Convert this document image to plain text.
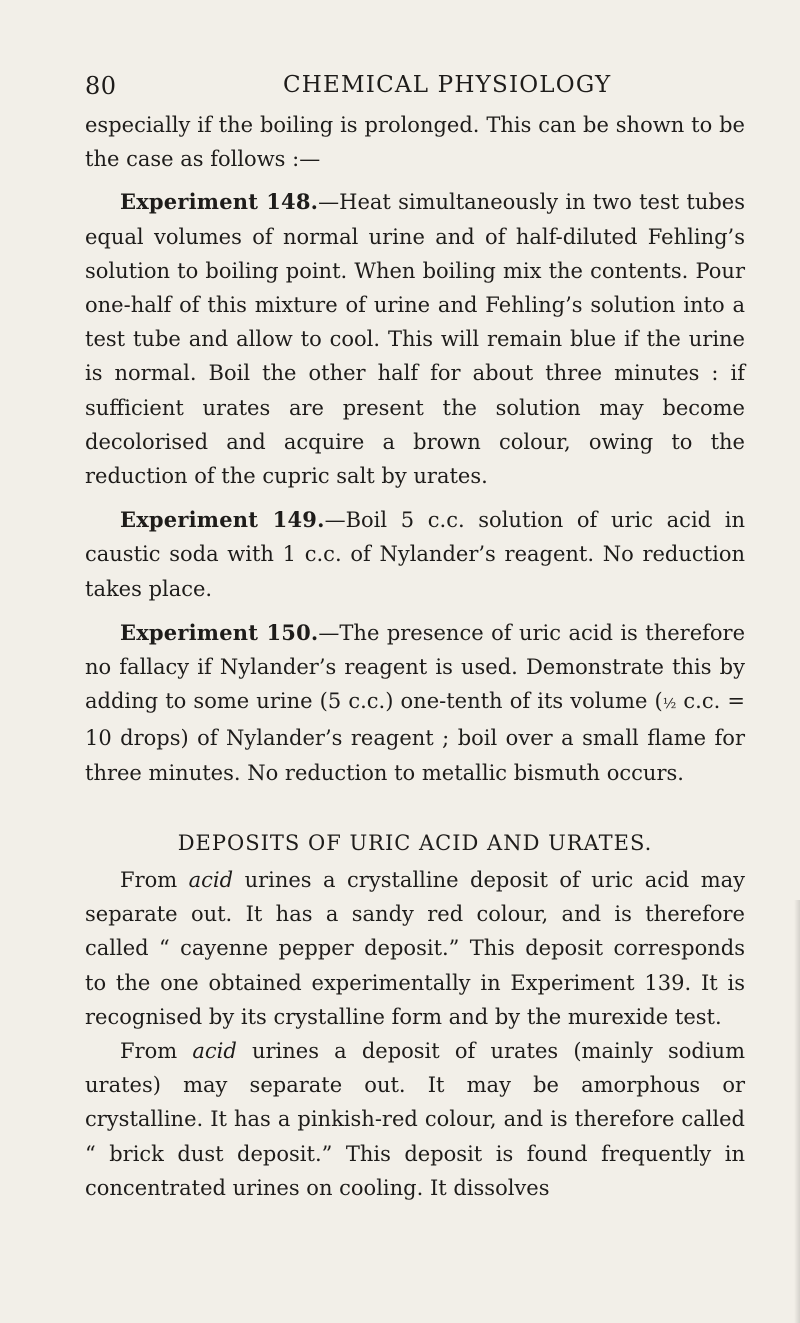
80	CHEMICAL PHYSIOLOGY

especially if the boiling is prolonged. This can be shown to be the case as follows :—

Experiment 148.—Heat simultaneously in two test tubes equal volumes of normal urine and of half-diluted Fehling’s solution to boiling point. When boiling mix the contents. Pour one-half of this mixture of urine and Fehling’s solution into a test tube and allow to cool. This will remain blue if the urine is normal. Boil the other half for about three minutes : if sufficient urates are present the solution may become decolorised and acquire a brown colour, owing to the reduction of the cupric salt by urates.

Experiment 149.—Boil 5 c.c. solution of uric acid in caustic soda with 1 c.c. of Nylander’s reagent. No reduction takes place.

Experiment 150.—The presence of uric acid is therefore no fallacy if Nylander’s reagent is used. Demonstrate this by adding to some urine (5 c.c.) one-tenth of its volume (½ c.c. = 10 drops) of Nylander’s reagent ; boil over a small flame for three minutes. No reduction to metallic bismuth occurs.

DEPOSITS OF URIC ACID AND URATES.

From acid urines a crystalline deposit of uric acid may separate out. It has a sandy red colour, and is therefore called “ cayenne pepper deposit.” This deposit corresponds to the one obtained experimentally in Experiment 139. It is recognised by its crystalline form and by the murexide test.

From acid urines a deposit of urates (mainly sodium urates) may separate out. It may be amorphous or crystalline. It has a pinkish-red colour, and is therefore called “ brick dust deposit.” This deposit is found frequently in concentrated urines on cooling. It dissolves
